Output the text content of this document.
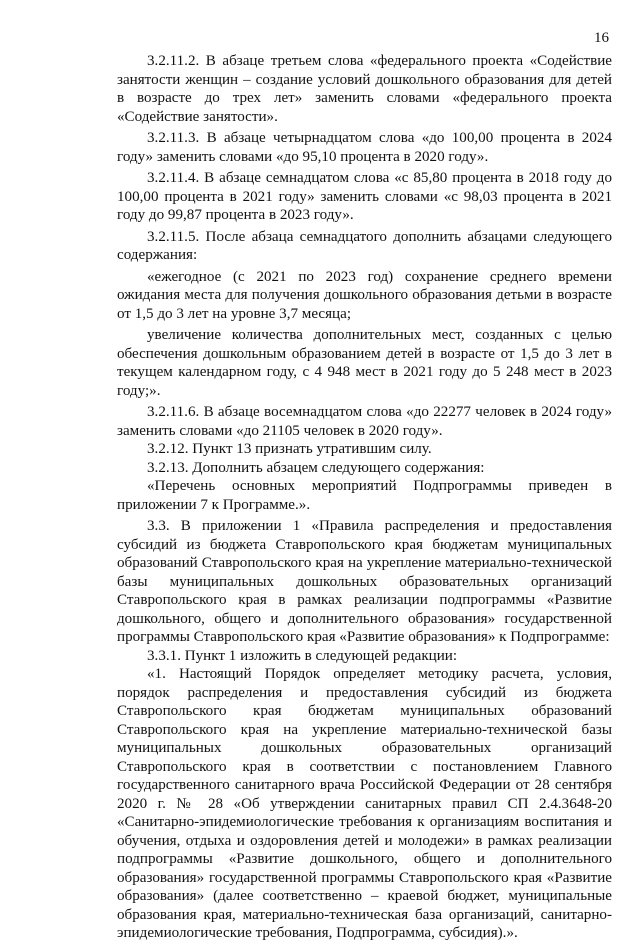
16

3.2.11.2. В абзаце третьем слова «федерального проекта «Содействие занятости женщин – создание условий дошкольного образования для детей в возрасте до трех лет» заменить словами «федерального проекта «Содействие занятости».

3.2.11.3. В абзаце четырнадцатом слова «до 100,00 процента в 2024 году» заменить словами «до 95,10 процента в 2020 году».

3.2.11.4. В абзаце семнадцатом слова «с 85,80 процента в 2018 году до 100,00 процента в 2021 году» заменить словами «с 98,03 процента в 2021 году до 99,87 процента в 2023 году».

3.2.11.5. После абзаца семнадцатого дополнить абзацами следующего содержания:

«ежегодное (с 2021 по 2023 год) сохранение среднего времени ожидания места для получения дошкольного образования детьми в возрасте от 1,5 до 3 лет на уровне 3,7 месяца;

увеличение количества дополнительных мест, созданных с целью обеспечения дошкольным образованием детей в возрасте от 1,5 до 3 лет в текущем календарном году, с 4 948 мест в 2021 году до 5 248 мест в 2023 году;».

3.2.11.6. В абзаце восемнадцатом слова «до 22277 человек в 2024 году» заменить словами «до 21105 человек в 2020 году».

3.2.12. Пункт 13 признать утратившим силу.

3.2.13. Дополнить абзацем следующего содержания:

«Перечень основных мероприятий Подпрограммы приведен в приложении 7 к Программе.».

3.3. В приложении 1 «Правила распределения и предоставления субсидий из бюджета Ставропольского края бюджетам муниципальных образований Ставропольского края на укрепление материально-технической базы муниципальных дошкольных образовательных организаций Ставропольского края в рамках реализации подпрограммы «Развитие дошкольного, общего и дополнительного образования» государственной программы Ставропольского края «Развитие образования» к Подпрограмме:

3.3.1. Пункт 1 изложить в следующей редакции:

«1. Настоящий Порядок определяет методику расчета, условия, порядок распределения и предоставления субсидий из бюджета Ставропольского края бюджетам муниципальных образований Ставропольского края на укрепление материально-технической базы муниципальных дошкольных образовательных организаций Ставропольского края в соответствии с постановлением Главного государственного санитарного врача Российской Федерации от 28 сентября 2020 г. № 28 «Об утверждении санитарных правил СП 2.4.3648-20 «Санитарно-эпидемиологические требования к организациям воспитания и обучения, отдыха и оздоровления детей и молодежи» в рамках реализации подпрограммы «Развитие дошкольного, общего и дополнительного образования» государственной программы Ставропольского края «Развитие образования» (далее соответственно – краевой бюджет, муниципальные образования края, материально-техническая база организаций, санитарно-эпидемиологические требования, Подпрограмма, субсидия).».
